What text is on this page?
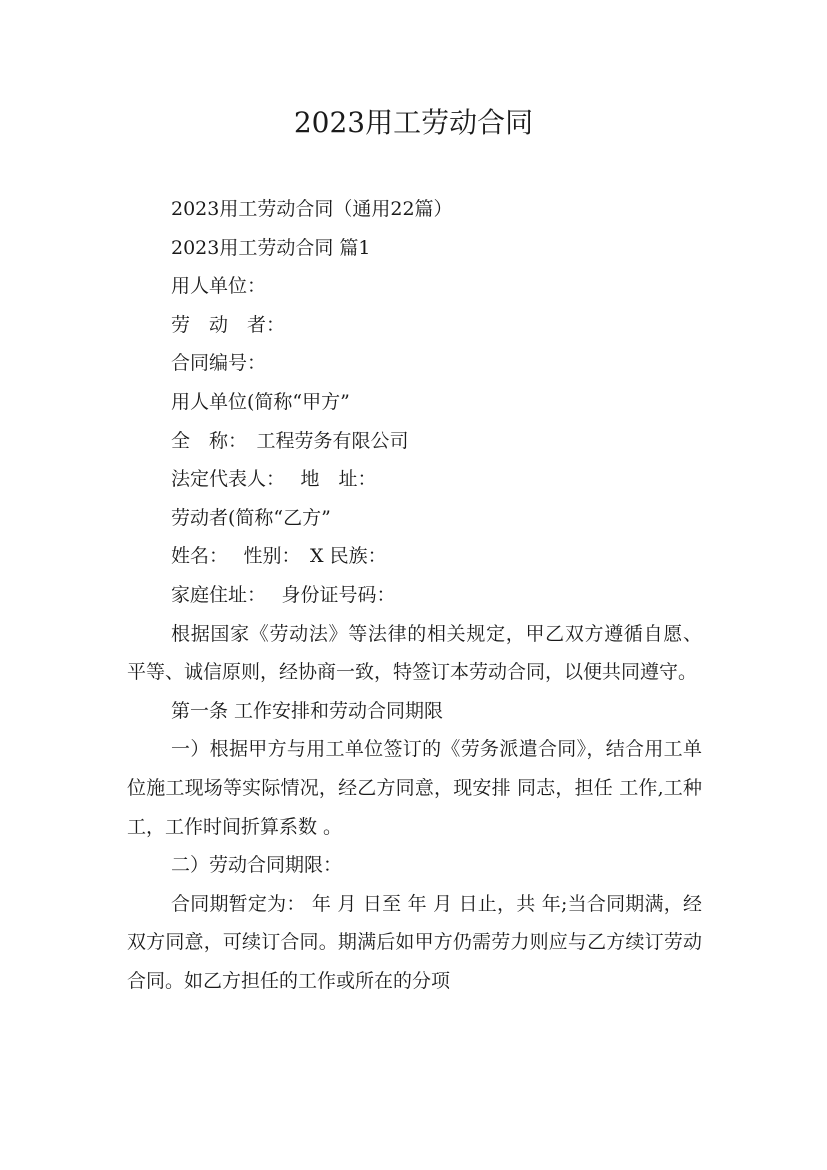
2023用工劳动合同

2023用工劳动合同（通用22篇）

2023用工劳动合同 篇1

用人单位：

劳　动　者：

合同编号：

用人单位(简称“甲方”

全　称：　工程劳务有限公司

法定代表人：　 地　址：

劳动者(简称“乙方”

姓名：　 性别：　X 民族：

家庭住址：　 身份证号码：

根据国家《劳动法》等法律的相关规定，甲乙双方遵循自愿、平等、诚信原则，经协商一致，特签订本劳动合同，以便共同遵守。

第一条 工作安排和劳动合同期限

一）根据甲方与用工单位签订的《劳务派遣合同》，结合用工单位施工现场等实际情况，经乙方同意，现安排 同志，担任 工作,工种 工，工作时间折算系数 。

二）劳动合同期限：

合同期暂定为： 年 月 日至 年 月 日止，共 年;当合同期满，经双方同意，可续订合同。期满后如甲方仍需劳力则应与乙方续订劳动合同。如乙方担任的工作或所在的分项
